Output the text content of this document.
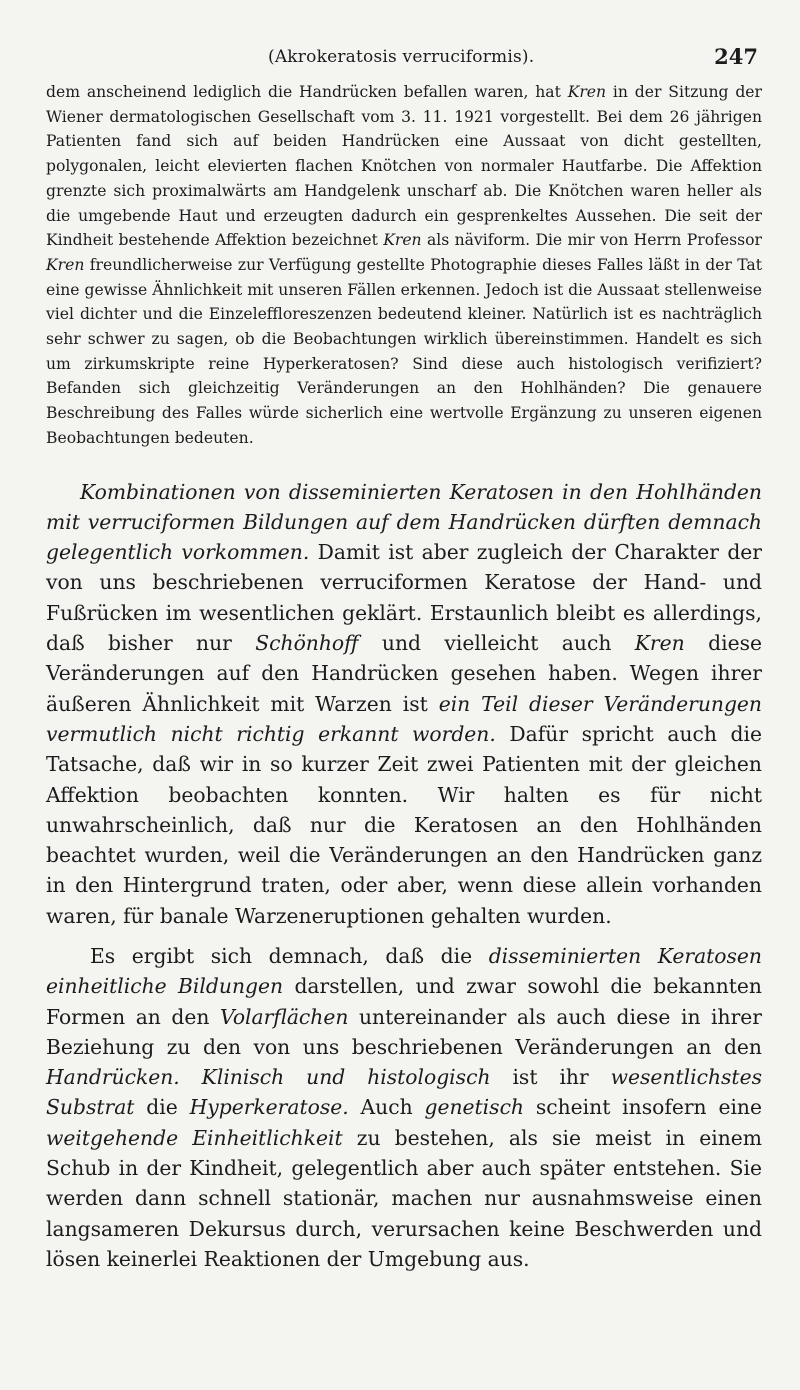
(Akrokeratosis verruciformis).	247

dem anscheinend lediglich die Handrücken befallen waren, hat Kren in der Sitzung der Wiener dermatologischen Gesellschaft vom 3. 11. 1921 vorgestellt. Bei dem 26 jährigen Patienten fand sich auf beiden Handrücken eine Aussaat von dicht gestellten, polygonalen, leicht elevierten flachen Knötchen von normaler Hautfarbe. Die Affektion grenzte sich proximalwärts am Handgelenk unscharf ab. Die Knötchen waren heller als die umgebende Haut und erzeugten dadurch ein gesprenkeltes Aussehen. Die seit der Kindheit bestehende Affektion bezeichnet Kren als näviform. Die mir von Herrn Professor Kren freundlicherweise zur Verfügung gestellte Photographie dieses Falles läßt in der Tat eine gewisse Ähnlichkeit mit unseren Fällen erkennen. Jedoch ist die Aussaat stellenweise viel dichter und die Einzeleffloreszenzen bedeutend kleiner. Natürlich ist es nachträglich sehr schwer zu sagen, ob die Beobachtungen wirklich übereinstimmen. Handelt es sich um zirkumskripte reine Hyperkeratosen? Sind diese auch histologisch verifiziert? Befanden sich gleichzeitig Veränderungen an den Hohlhänden? Die genauere Beschreibung des Falles würde sicherlich eine wertvolle Ergänzung zu unseren eigenen Beobachtungen bedeuten.

Kombinationen von disseminierten Keratosen in den Hohlhänden mit verruciformen Bildungen auf dem Handrücken dürften demnach gelegentlich vorkommen. Damit ist aber zugleich der Charakter der von uns beschriebenen verruciformen Keratose der Hand- und Fußrücken im wesentlichen geklärt. Erstaunlich bleibt es allerdings, daß bisher nur Schönhoff und vielleicht auch Kren diese Veränderungen auf den Handrücken gesehen haben. Wegen ihrer äußeren Ähnlichkeit mit Warzen ist ein Teil dieser Veränderungen vermutlich nicht richtig erkannt worden. Dafür spricht auch die Tatsache, daß wir in so kurzer Zeit zwei Patienten mit der gleichen Affektion beobachten konnten. Wir halten es für nicht unwahrscheinlich, daß nur die Keratosen an den Hohlhänden beachtet wurden, weil die Veränderungen an den Handrücken ganz in den Hintergrund traten, oder aber, wenn diese allein vorhanden waren, für banale Warzeneruptionen gehalten wurden.

Es ergibt sich demnach, daß die disseminierten Keratosen einheitliche Bildungen darstellen, und zwar sowohl die bekannten Formen an den Volarflächen untereinander als auch diese in ihrer Beziehung zu den von uns beschriebenen Veränderungen an den Handrücken. Klinisch und histologisch ist ihr wesentlichstes Substrat die Hyperkeratose. Auch genetisch scheint insofern eine weitgehende Einheitlichkeit zu bestehen, als sie meist in einem Schub in der Kindheit, gelegentlich aber auch später entstehen. Sie werden dann schnell stationär, machen nur ausnahmsweise einen langsameren Dekursus durch, verursachen keine Beschwerden und lösen keinerlei Reaktionen der Umgebung aus.
